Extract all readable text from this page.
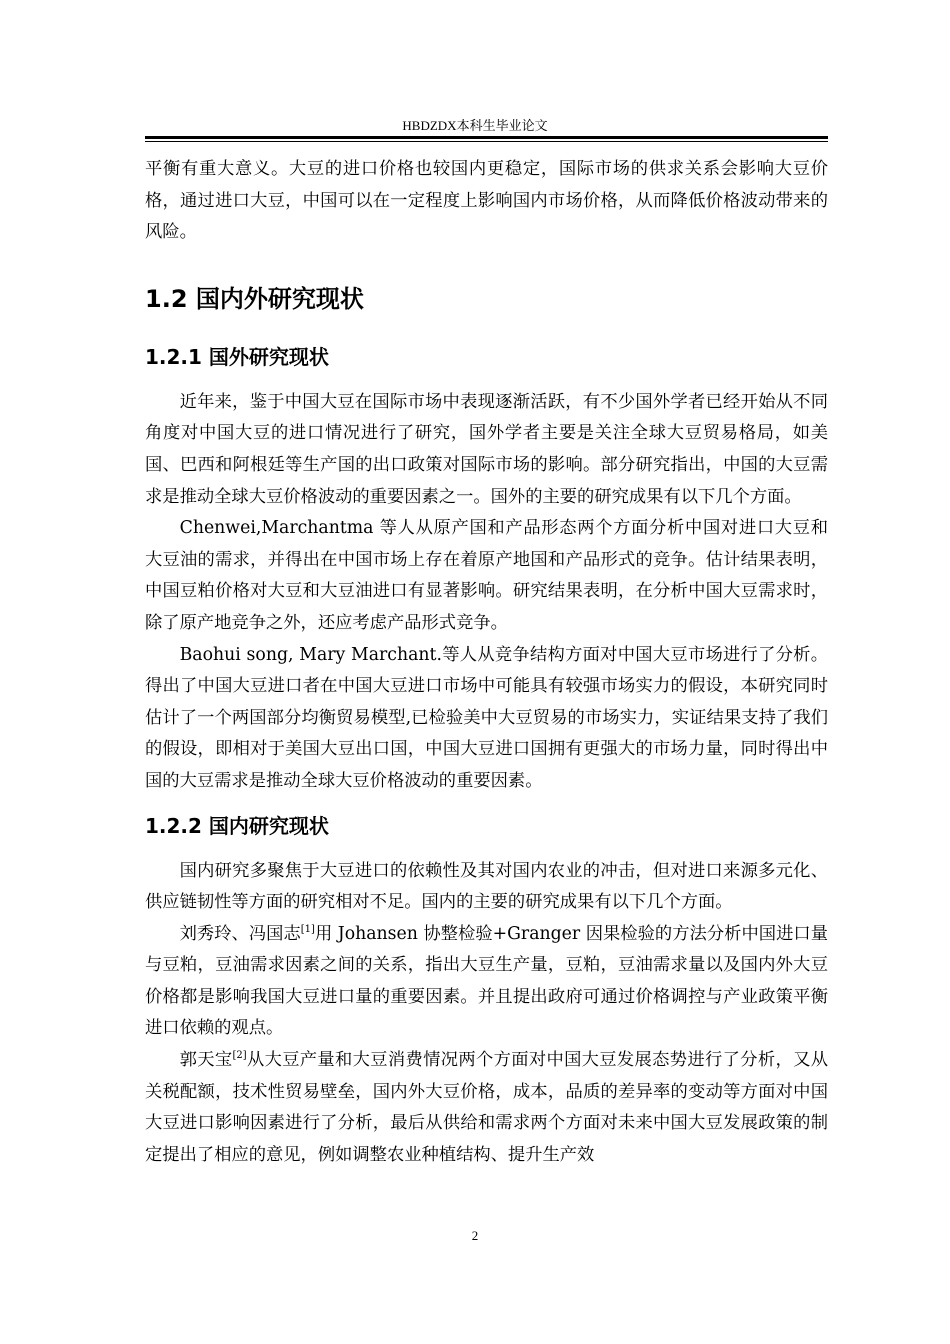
HBDZDX本科生毕业论文

平衡有重大意义。大豆的进口价格也较国内更稳定，国际市场的供求关系会影响大豆价格，通过进口大豆，中国可以在一定程度上影响国内市场价格，从而降低价格波动带来的风险。

1.2 国内外研究现状
1.2.1 国外研究现状

近年来，鉴于中国大豆在国际市场中表现逐渐活跃，有不少国外学者已经开始从不同角度对中国大豆的进口情况进行了研究，国外学者主要是关注全球大豆贸易格局，如美国、巴西和阿根廷等生产国的出口政策对国际市场的影响。部分研究指出，中国的大豆需求是推动全球大豆价格波动的重要因素之一。国外的主要的研究成果有以下几个方面。

Chenwei,Marchantma 等人从原产国和产品形态两个方面分析中国对进口大豆和大豆油的需求，并得出在中国市场上存在着原产地国和产品形式的竞争。估计结果表明，中国豆粕价格对大豆和大豆油进口有显著影响。研究结果表明，在分析中国大豆需求时，除了原产地竞争之外，还应考虑产品形式竞争。

Baohui song, Mary Marchant.等人从竞争结构方面对中国大豆市场进行了分析。得出了中国大豆进口者在中国大豆进口市场中可能具有较强市场实力的假设，本研究同时估计了一个两国部分均衡贸易模型,已检验美中大豆贸易的市场实力，实证结果支持了我们的假设，即相对于美国大豆出口国，中国大豆进口国拥有更强大的市场力量，同时得出中国的大豆需求是推动全球大豆价格波动的重要因素。

1.2.2 国内研究现状

国内研究多聚焦于大豆进口的依赖性及其对国内农业的冲击，但对进口来源多元化、供应链韧性等方面的研究相对不足。国内的主要的研究成果有以下几个方面。

刘秀玲、冯国志[1]用 Johansen 协整检验+Granger 因果检验的方法分析中国进口量与豆粕，豆油需求因素之间的关系，指出大豆生产量，豆粕，豆油需求量以及国内外大豆价格都是影响我国大豆进口量的重要因素。并且提出政府可通过价格调控与产业政策平衡进口依赖的观点。

郭天宝[2]从大豆产量和大豆消费情况两个方面对中国大豆发展态势进行了分析，又从关税配额，技术性贸易壁垒，国内外大豆价格，成本，品质的差异率的变动等方面对中国大豆进口影响因素进行了分析，最后从供给和需求两个方面对未来中国大豆发展政策的制定提出了相应的意见，例如调整农业种植结构、提升生产效

2
